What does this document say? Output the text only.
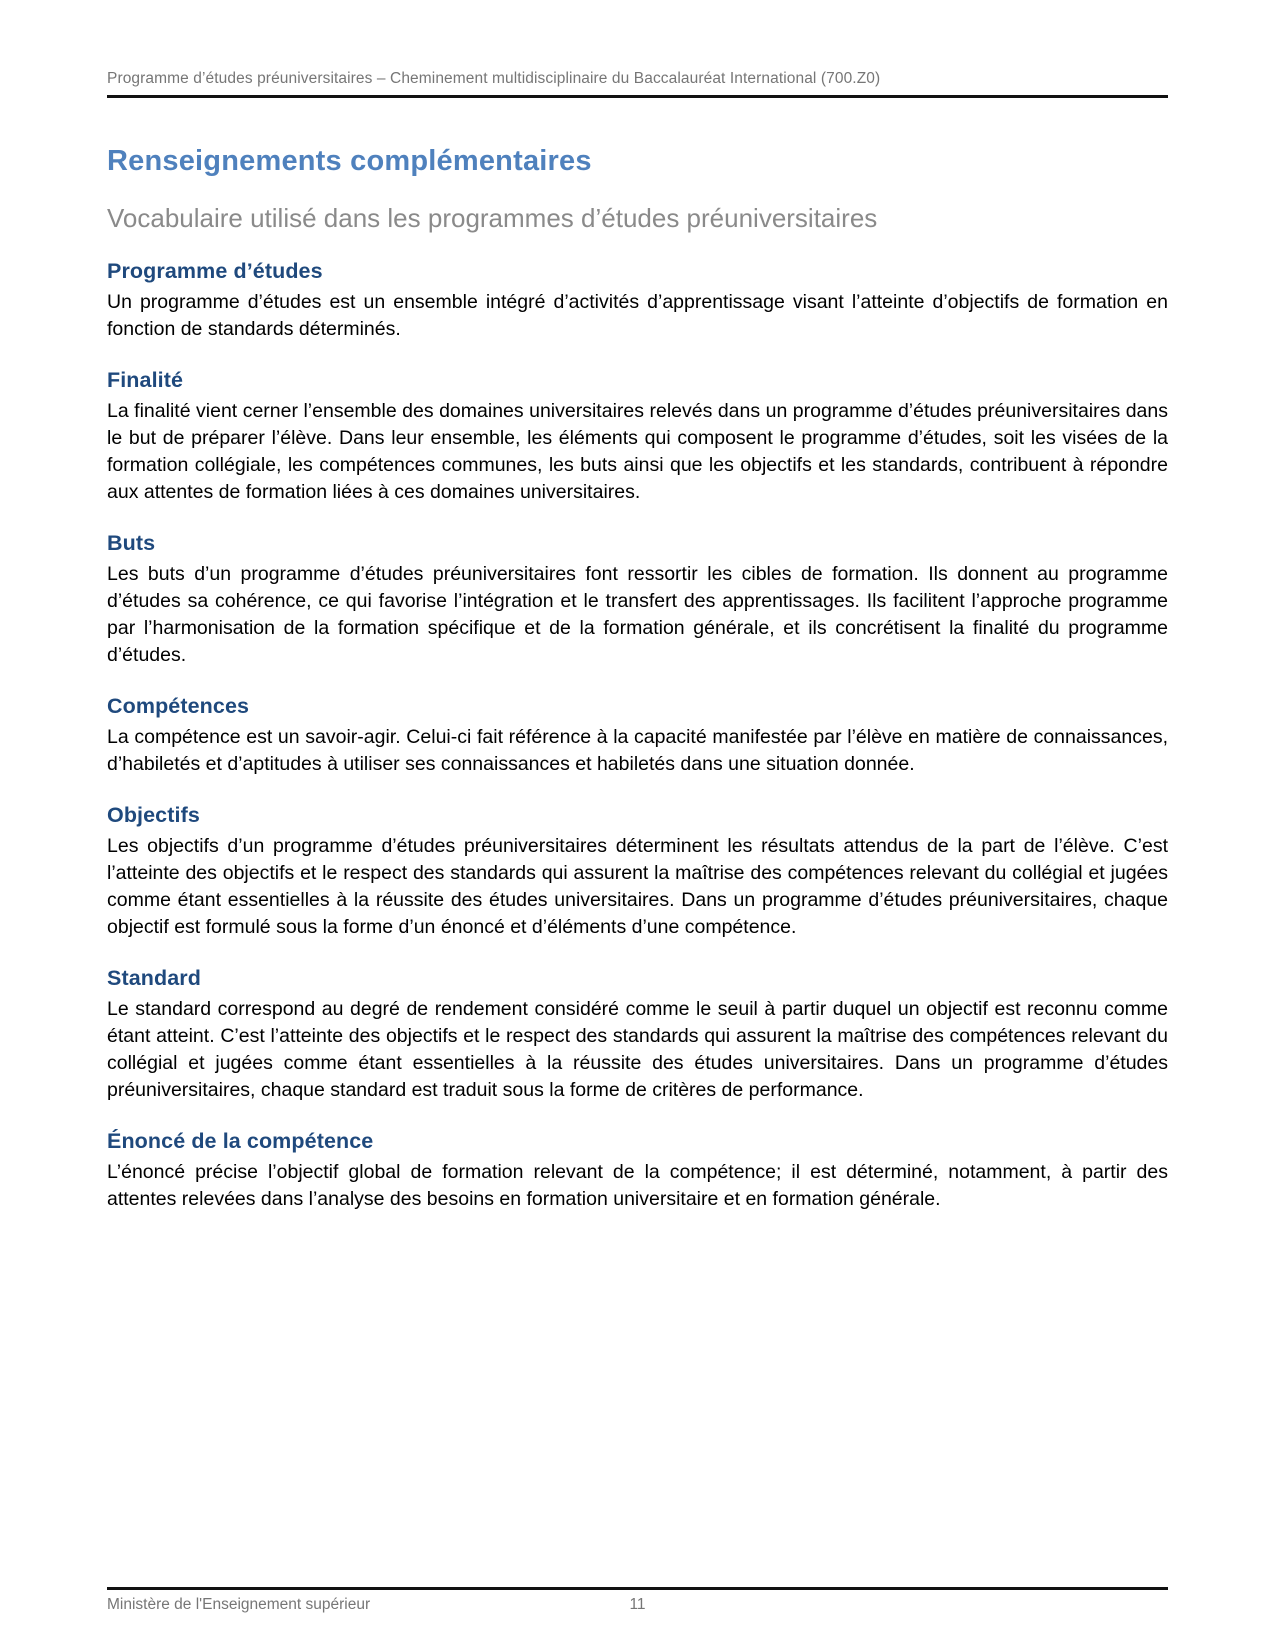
Programme d’études préuniversitaires – Cheminement multidisciplinaire du Baccalauréat International (700.Z0)
Renseignements complémentaires
Vocabulaire utilisé dans les programmes d’études préuniversitaires
Programme d’études

Un programme d’études est un ensemble intégré d’activités d’apprentissage visant l’atteinte d’objectifs de formation en fonction de standards déterminés.

Finalité

La finalité vient cerner l’ensemble des domaines universitaires relevés dans un programme d’études préuniversitaires dans le but de préparer l’élève. Dans leur ensemble, les éléments qui composent le programme d’études, soit les visées de la formation collégiale, les compétences communes, les buts ainsi que les objectifs et les standards, contribuent à répondre aux attentes de formation liées à ces domaines universitaires.

Buts

Les buts d’un programme d’études préuniversitaires font ressortir les cibles de formation. Ils donnent au programme d’études sa cohérence, ce qui favorise l’intégration et le transfert des apprentissages. Ils facilitent l’approche programme par l’harmonisation de la formation spécifique et de la formation générale, et ils concrétisent la finalité du programme d’études.

Compétences

La compétence est un savoir-agir. Celui-ci fait référence à la capacité manifestée par l’élève en matière de connaissances, d’habiletés et d’aptitudes à utiliser ses connaissances et habiletés dans une situation donnée.

Objectifs

Les objectifs d’un programme d’études préuniversitaires déterminent les résultats attendus de la part de l’élève. C’est l’atteinte des objectifs et le respect des standards qui assurent la maîtrise des compétences relevant du collégial et jugées comme étant essentielles à la réussite des études universitaires. Dans un programme d’études préuniversitaires, chaque objectif est formulé sous la forme d’un énoncé et d’éléments d’une compétence.

Standard

Le standard correspond au degré de rendement considéré comme le seuil à partir duquel un objectif est reconnu comme étant atteint. C’est l’atteinte des objectifs et le respect des standards qui assurent la maîtrise des compétences relevant du collégial et jugées comme étant essentielles à la réussite des études universitaires. Dans un programme d’études préuniversitaires, chaque standard est traduit sous la forme de critères de performance.

Énoncé de la compétence

L’énoncé précise l’objectif global de formation relevant de la compétence; il est déterminé, notamment, à partir des attentes relevées dans l’analyse des besoins en formation universitaire et en formation générale.

Ministère de l'Enseignement supérieur	11
